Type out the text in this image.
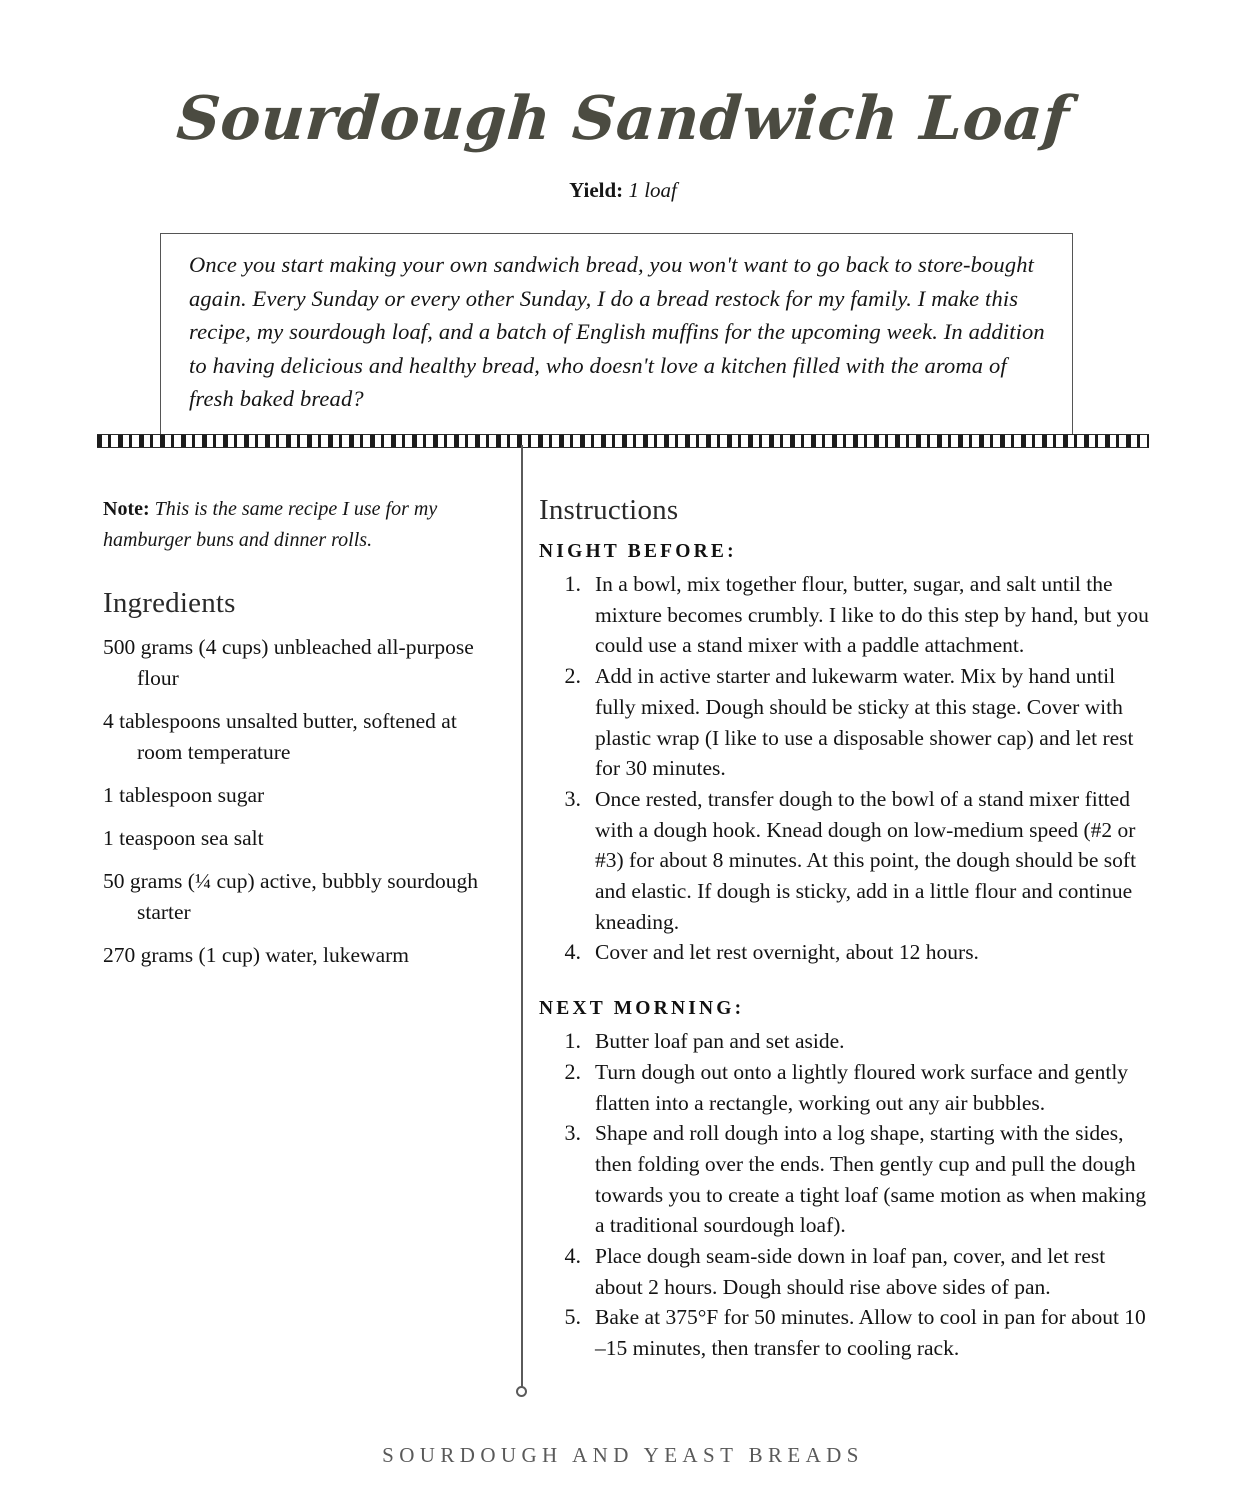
Sourdough Sandwich Loaf
Yield: 1 loaf
Once you start making your own sandwich bread, you won't want to go back to store-bought again. Every Sunday or every other Sunday, I do a bread restock for my family. I make this recipe, my sourdough loaf, and a batch of English muffins for the upcoming week. In addition to having delicious and healthy bread, who doesn't love a kitchen filled with the aroma of fresh baked bread?
Note: This is the same recipe I use for my hamburger buns and dinner rolls.
Ingredients
500 grams (4 cups) unbleached all-purpose flour
4 tablespoons unsalted butter, softened at room temperature
1 tablespoon sugar
1 teaspoon sea salt
50 grams (¼ cup) active, bubbly sourdough starter
270 grams (1 cup) water, lukewarm
Instructions
NIGHT BEFORE:
1. In a bowl, mix together flour, butter, sugar, and salt until the mixture becomes crumbly. I like to do this step by hand, but you could use a stand mixer with a paddle attachment.
2. Add in active starter and lukewarm water. Mix by hand until fully mixed. Dough should be sticky at this stage. Cover with plastic wrap (I like to use a disposable shower cap) and let rest for 30 minutes.
3. Once rested, transfer dough to the bowl of a stand mixer fitted with a dough hook. Knead dough on low-medium speed (#2 or #3) for about 8 minutes. At this point, the dough should be soft and elastic. If dough is sticky, add in a little flour and continue kneading.
4. Cover and let rest overnight, about 12 hours.
NEXT MORNING:
1. Butter loaf pan and set aside.
2. Turn dough out onto a lightly floured work surface and gently flatten into a rectangle, working out any air bubbles.
3. Shape and roll dough into a log shape, starting with the sides, then folding over the ends. Then gently cup and pull the dough towards you to create a tight loaf (same motion as when making a traditional sourdough loaf).
4. Place dough seam-side down in loaf pan, cover, and let rest about 2 hours. Dough should rise above sides of pan.
5. Bake at 375°F for 50 minutes. Allow to cool in pan for about 10 –15 minutes, then transfer to cooling rack.
SOURDOUGH AND YEAST BREADS
